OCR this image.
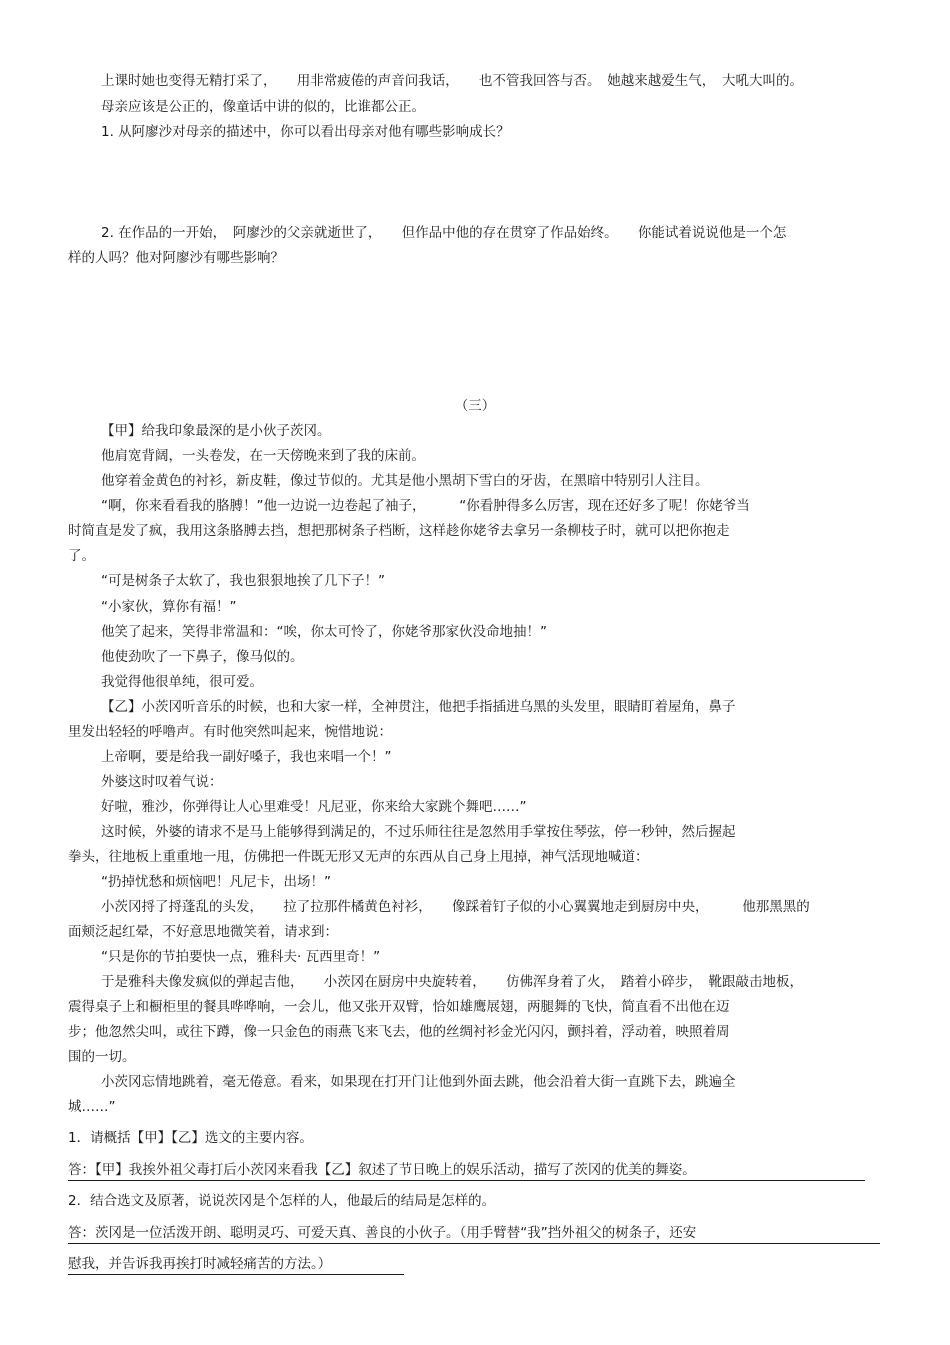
上课时她也变得无精打采了，　　用非常疲倦的声音问我话，　　也不管我回答与否。　她越来越爱生气，　大吼大叫的。
母亲应该是公正的，像童话中讲的似的，比谁都公正。
1. 从阿廖沙对母亲的描述中，你可以看出母亲对他有哪些影响成长？
2. 在作品的一开始，　阿廖沙的父亲就逝世了，　　但作品中他的存在贯穿了作品始终。　　你能试着说说他是一个怎
样的人吗？他对阿廖沙有哪些影响？
（三）
【甲】给我印象最深的是小伙子茨冈。
他肩宽背阔，一头卷发，在一天傍晚来到了我的床前。
他穿着金黄色的衬衫，新皮鞋，像过节似的。尤其是他小黑胡下雪白的牙齿，在黑暗中特别引人注目。
“啊，你来看看我的胳膊！”他一边说一边卷起了袖子，　　　“你看肿得多么厉害，现在还好多了呢！你姥爷当
时简直是发了疯，我用这条胳膊去挡，想把那树条子档断，这样趁你姥爷去拿另一条柳枝子时，就可以把你抱走
了。
“可是树条子太软了，我也狠狠地挨了几下子！”
“小家伙，算你有福！”
他笑了起来，笑得非常温和：“唉，你太可怜了，你姥爷那家伙没命地抽！”
他使劲吹了一下鼻子，像马似的。
我觉得他很单纯，很可爱。
【乙】小茨冈听音乐的时候，也和大家一样，全神贯注，他把手指插进乌黑的头发里，眼睛盯着屋角，鼻子
里发出轻轻的呼噜声。有时他突然叫起来，惋惜地说：
上帝啊，要是给我一副好嗓子，我也来唱一个！”
外婆这时叹着气说：
好啦，雅沙，你弹得让人心里难受！凡尼亚，你来给大家跳个舞吧……”
这时候，外婆的请求不是马上能够得到满足的，不过乐师往往是忽然用手掌按住琴弦，停一秒钟，然后握起
拳头，往地板上重重地一甩，仿佛把一件既无形又无声的东西从自己身上甩掉，神气活现地喊道：
“扔掉忧愁和烦恼吧！凡尼卡，出场！”
小茨冈捋了捋蓬乱的头发，　　拉了拉那件橘黄色衬衫，　　像踩着钉子似的小心翼翼地走到厨房中央，　　　他那黑黑的
面颊泛起红晕，不好意思地微笑着，请求到：
“只是你的节拍要快一点，雅科夫· 瓦西里奇！”
于是雅科夫像发疯似的弹起吉他，　　小茨冈在厨房中央旋转着，　　仿佛浑身着了火，　踏着小碎步，　靴跟敲击地板，
震得桌子上和橱柜里的餐具哗哗响，一会儿，他又张开双臂，恰如雄鹰展翅，两腿舞的飞快，简直看不出他在迈
步；他忽然尖叫，或往下蹲，像一只金色的雨燕飞来飞去，他的丝绸衬衫金光闪闪，颤抖着，浮动着，映照着周
围的一切。
小茨冈忘情地跳着，毫无倦意。看来，如果现在打开门让他到外面去跳，他会沿着大街一直跳下去，跳遍全
城……”
1．请概括【甲】【乙】选文的主要内容。
答：【甲】我挨外祖父毒打后小茨冈来看我【乙】叙述了节日晚上的娱乐活动，描写了茨冈的优美的舞姿。
2．结合选文及原著，说说茨冈是个怎样的人，他最后的结局是怎样的。
答：茨冈是一位活泼开朗、聪明灵巧、可爱天真、善良的小伙子。（用手臂替“我”挡外祖父的树条子，还安
慰我，并告诉我再挨打时减轻痛苦的方法。）
